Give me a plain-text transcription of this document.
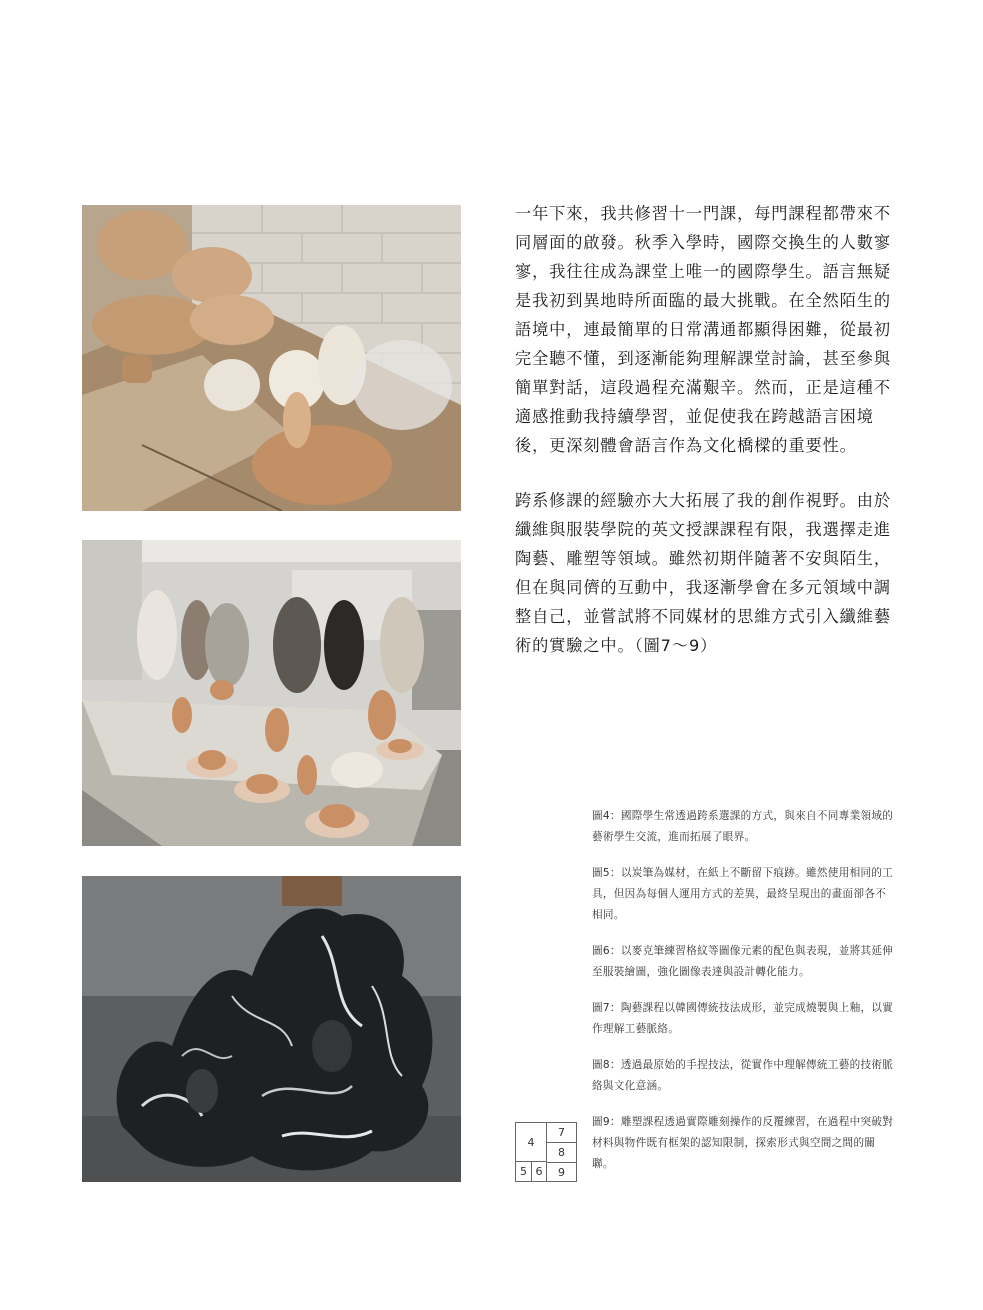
一年下來，我共修習十一門課，每門課程都帶來不同層面的啟發。秋季入學時，國際交換生的人數寥寥，我往往成為課堂上唯一的國際學生。語言無疑是我初到異地時所面臨的最大挑戰。在全然陌生的語境中，連最簡單的日常溝通都顯得困難，從最初完全聽不懂，到逐漸能夠理解課堂討論，甚至參與簡單對話，這段過程充滿艱辛。然而，正是這種不適感推動我持續學習，並促使我在跨越語言困境後，更深刻體會語言作為文化橋樑的重要性。

跨系修課的經驗亦大大拓展了我的創作視野。由於纖維與服裝學院的英文授課課程有限，我選擇走進陶藝、雕塑等領域。雖然初期伴隨著不安與陌生，但在與同儕的互動中，我逐漸學會在多元領域中調整自己，並嘗試將不同媒材的思維方式引入纖維藝術的實驗之中。（圖7～9）

圖4：國際學生常透過跨系選課的方式，與來自不同專業領域的藝術學生交流，進而拓展了眼界。

圖5：以炭筆為媒材，在紙上不斷留下痕跡。雖然使用相同的工具，但因為每個人運用方式的差異，最終呈現出的畫面卻各不相同。

圖6：以麥克筆練習格紋等圖像元素的配色與表現，並將其延伸至服裝繪圖，強化圖像表達與設計轉化能力。

圖7：陶藝課程以韓國傳統技法成形，並完成燒製與上釉，以實作理解工藝脈絡。

圖8：透過最原始的手捏技法，從實作中理解傳統工藝的技術脈絡與文化意涵。

圖9：雕塑課程透過實際雕刻操作的反覆練習，在過程中突破對材料與物件既有框架的認知限制，探索形式與空間之間的關聯。

4
7
8
5 6	9
